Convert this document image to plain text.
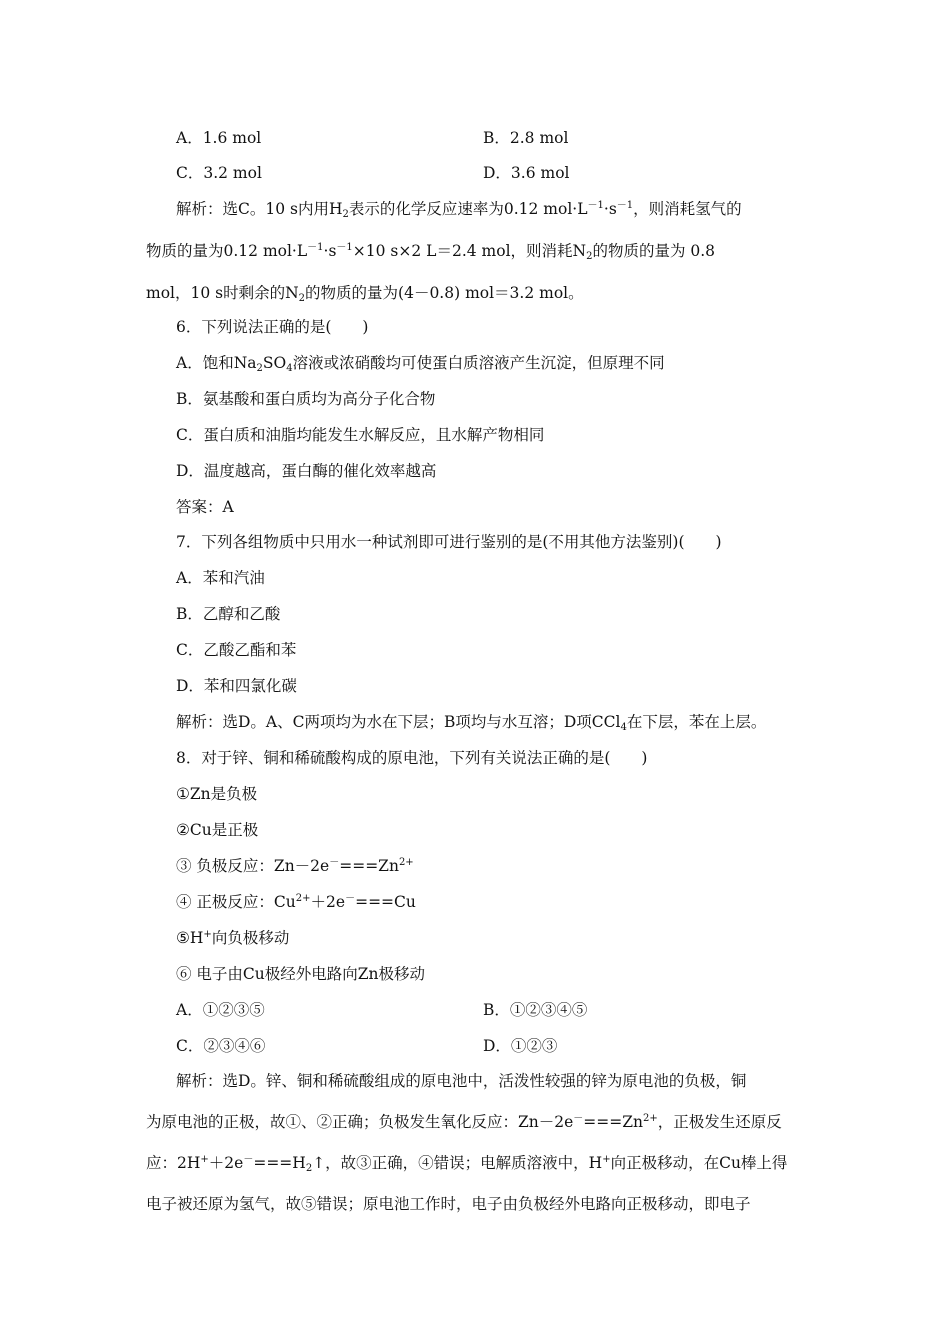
A．1.6 mol	B．2.8 mol
C．3.2 mol	D．3.6 mol
解析：选C。10 s内用$H_2$表示的化学反应速率为0.12 $mol\cdot L^{-1}\cdot s^{-1}$，则消耗氢气的
物质的量为0.12 $mol\cdot L^{-1}\cdot s^{-1}\times 10$ s×2 L＝2.4 mol，则消耗$N_2$的物质的量为 0.8
mol，10 s时剩余的$N_2$的物质的量为(4－0.8) mol＝3.2 mol。
6．下列说法正确的是(　　)
A．饱和$Na_2SO_4$溶液或浓硝酸均可使蛋白质溶液产生沉淀，但原理不同
B．氨基酸和蛋白质均为高分子化合物
C．蛋白质和油脂均能发生水解反应，且水解产物相同
D．温度越高，蛋白酶的催化效率越高
答案：A
7．下列各组物质中只用水一种试剂即可进行鉴别的是(不用其他方法鉴别)(　　)
A．苯和汽油
B．乙醇和乙酸
C．乙酸乙酯和苯
D．苯和四氯化碳
解析：选D。A、C两项均为水在下层；B项均与水互溶；D项CCl$_4$在下层，苯在上层。
8．对于锌、铜和稀硫酸构成的原电池，下列有关说法正确的是(　　)
①Zn是负极
②Cu是正极
③ 负极反应：$Zn-2e^-===Zn^{2+}$
④ 正极反应：$Cu^{2+}+2e^-===Cu$
⑤H+向负极移动
⑥ 电子由Cu极经外电路向Zn极移动
A．①②③⑤	B．①②③④⑤
C．②③④⑥	D．①②③
解析：选D。锌、铜和稀硫酸组成的原电池中，活泼性较强的锌为原电池的负极，铜
为原电池的正极，故①、②正确；负极发生氧化反应：$Zn-2e^-===Zn^{2+}$，正极发生还原反
应：$2H^++2e^-===H_2↑$，故③正确，④错误；电解质溶液中，H+向正极移动，在Cu棒上得
电子被还原为氢气，故⑤错误；原电池工作时，电子由负极经外电路向正极移动，即电子
